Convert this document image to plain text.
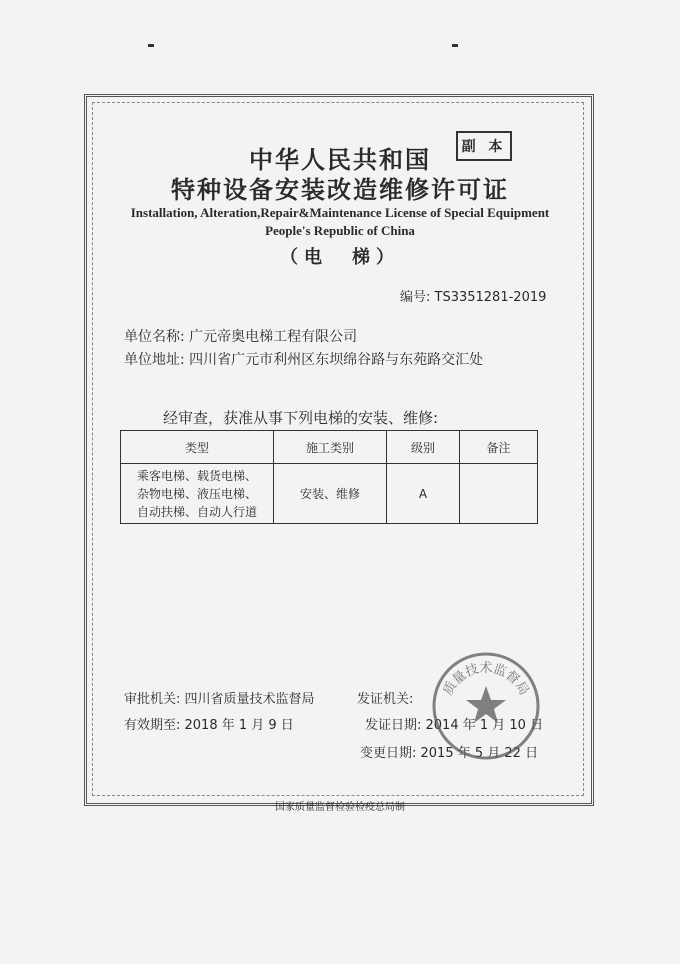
副 本
中华人民共和国
特种设备安装改造维修许可证
Installation, Alteration,Repair&Maintenance License of Special Equipment
People's Republic of China
（电　梯）
编号: TS3351281-2019
单位名称: 广元帝奥电梯工程有限公司
单位地址: 四川省广元市利州区东坝绵谷路与东苑路交汇处
经审查，获准从事下列电梯的安装、维修:
类型	施工类别	级别	备注

乘客电梯、载货电梯、
杂物电梯、液压电梯、
自动扶梯、自动人行道	安装、维修	A	
审批机关: 四川省质量技术监督局
有效期至: 2018 年 1 月 9 日
发证机关:
发证日期: 2014 年 1 月 10 日
变更日期: 2015 年 5 月 22 日
质量技术监督局
国家质量监督检验检疫总局制
